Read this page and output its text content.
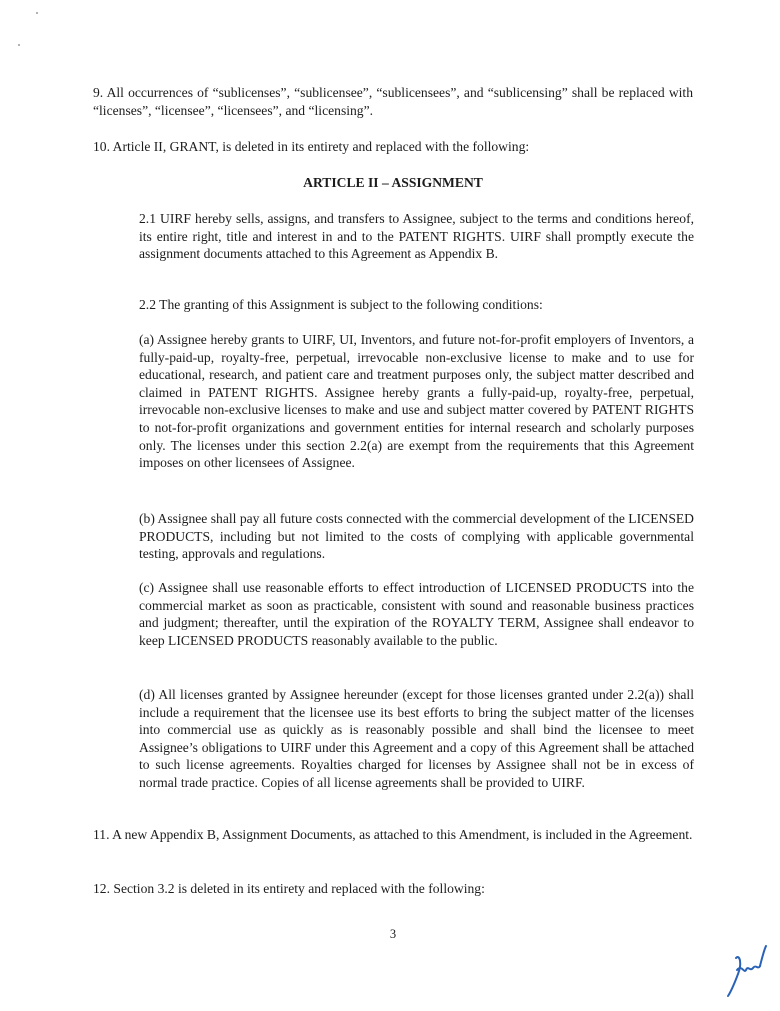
9. All occurrences of “sublicenses”, “sublicensee”, “sublicensees”, and “sublicensing” shall be replaced with “licenses”, “licensee”, “licensees”, and “licensing”.

10. Article II, GRANT, is deleted in its entirety and replaced with the following:

ARTICLE II – ASSIGNMENT

2.1 UIRF hereby sells, assigns, and transfers to Assignee, subject to the terms and conditions hereof, its entire right, title and interest in and to the PATENT RIGHTS. UIRF shall promptly execute the assignment documents attached to this Agreement as Appendix B.

2.2 The granting of this Assignment is subject to the following conditions:

(a) Assignee hereby grants to UIRF, UI, Inventors, and future not-for-profit employers of Inventors, a fully-paid-up, royalty-free, perpetual, irrevocable non-exclusive license to make and to use for educational, research, and patient care and treatment purposes only, the subject matter described and claimed in PATENT RIGHTS. Assignee hereby grants a fully-paid-up, royalty-free, perpetual, irrevocable non-exclusive licenses to make and use and subject matter covered by PATENT RIGHTS to not-for-profit organizations and government entities for internal research and scholarly purposes only. The licenses under this section 2.2(a) are exempt from the requirements that this Agreement imposes on other licensees of Assignee.

(b) Assignee shall pay all future costs connected with the commercial development of the LICENSED PRODUCTS, including but not limited to the costs of complying with applicable governmental testing, approvals and regulations.

(c) Assignee shall use reasonable efforts to effect introduction of LICENSED PRODUCTS into the commercial market as soon as practicable, consistent with sound and reasonable business practices and judgment; thereafter, until the expiration of the ROYALTY TERM, Assignee shall endeavor to keep LICENSED PRODUCTS reasonably available to the public.

(d) All licenses granted by Assignee hereunder (except for those licenses granted under 2.2(a)) shall include a requirement that the licensee use its best efforts to bring the subject matter of the licenses into commercial use as quickly as is reasonably possible and shall bind the licensee to meet Assignee’s obligations to UIRF under this Agreement and a copy of this Agreement shall be attached to such license agreements. Royalties charged for licenses by Assignee shall not be in excess of normal trade practice. Copies of all license agreements shall be provided to UIRF.

11. A new Appendix B, Assignment Documents, as attached to this Amendment, is included in the Agreement.

12. Section 3.2 is deleted in its entirety and replaced with the following:

3
